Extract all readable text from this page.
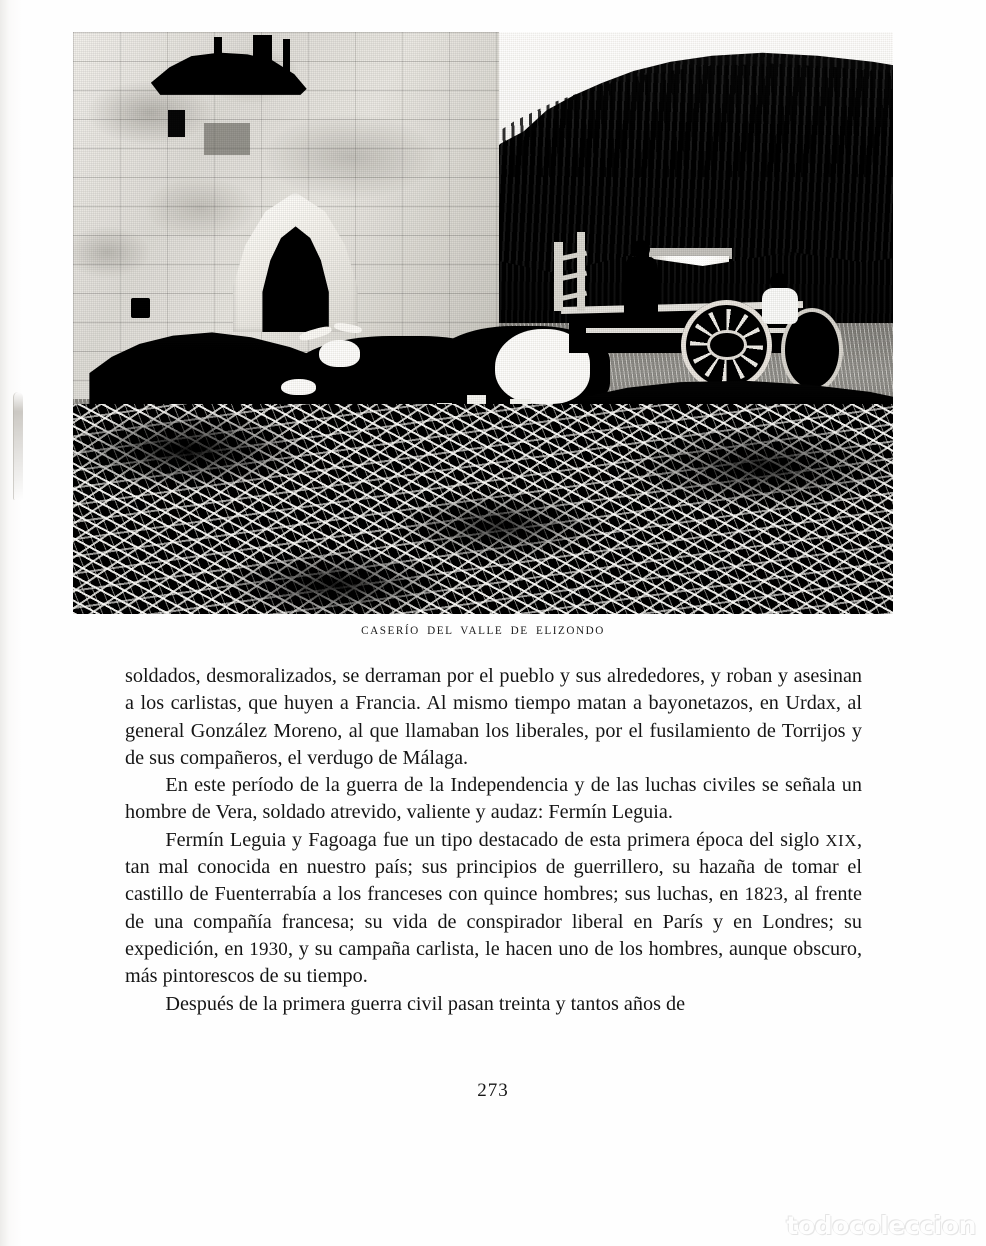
CASERÍO DEL VALLE DE ELIZONDO

soldados, desmoralizados, se derraman por el pueblo y sus alrededores, y roban y asesinan a los carlistas, que huyen a Francia. Al mismo tiempo matan a bayonetazos, en Urdax, al general González Moreno, al que llamaban los liberales, por el fusilamiento de Torrijos y de sus compañeros, el verdugo de Málaga.

En este período de la guerra de la Independencia y de las luchas civiles se señala un hombre de Vera, soldado atrevido, valiente y audaz: Fermín Leguia.

Fermín Leguia y Fagoaga fue un tipo destacado de esta primera época del siglo XIX, tan mal conocida en nuestro país; sus principios de guerrillero, su hazaña de tomar el castillo de Fuenterrabía a los franceses con quince hombres; sus luchas, en 1823, al frente de una compañía francesa; su vida de conspirador liberal en París y en Londres; su expedición, en 1930, y su campaña carlista, le hacen uno de los hombres, aunque obscuro, más pintorescos de su tiempo.

Después de la primera guerra civil pasan treinta y tantos años de

273
todocoleccion
